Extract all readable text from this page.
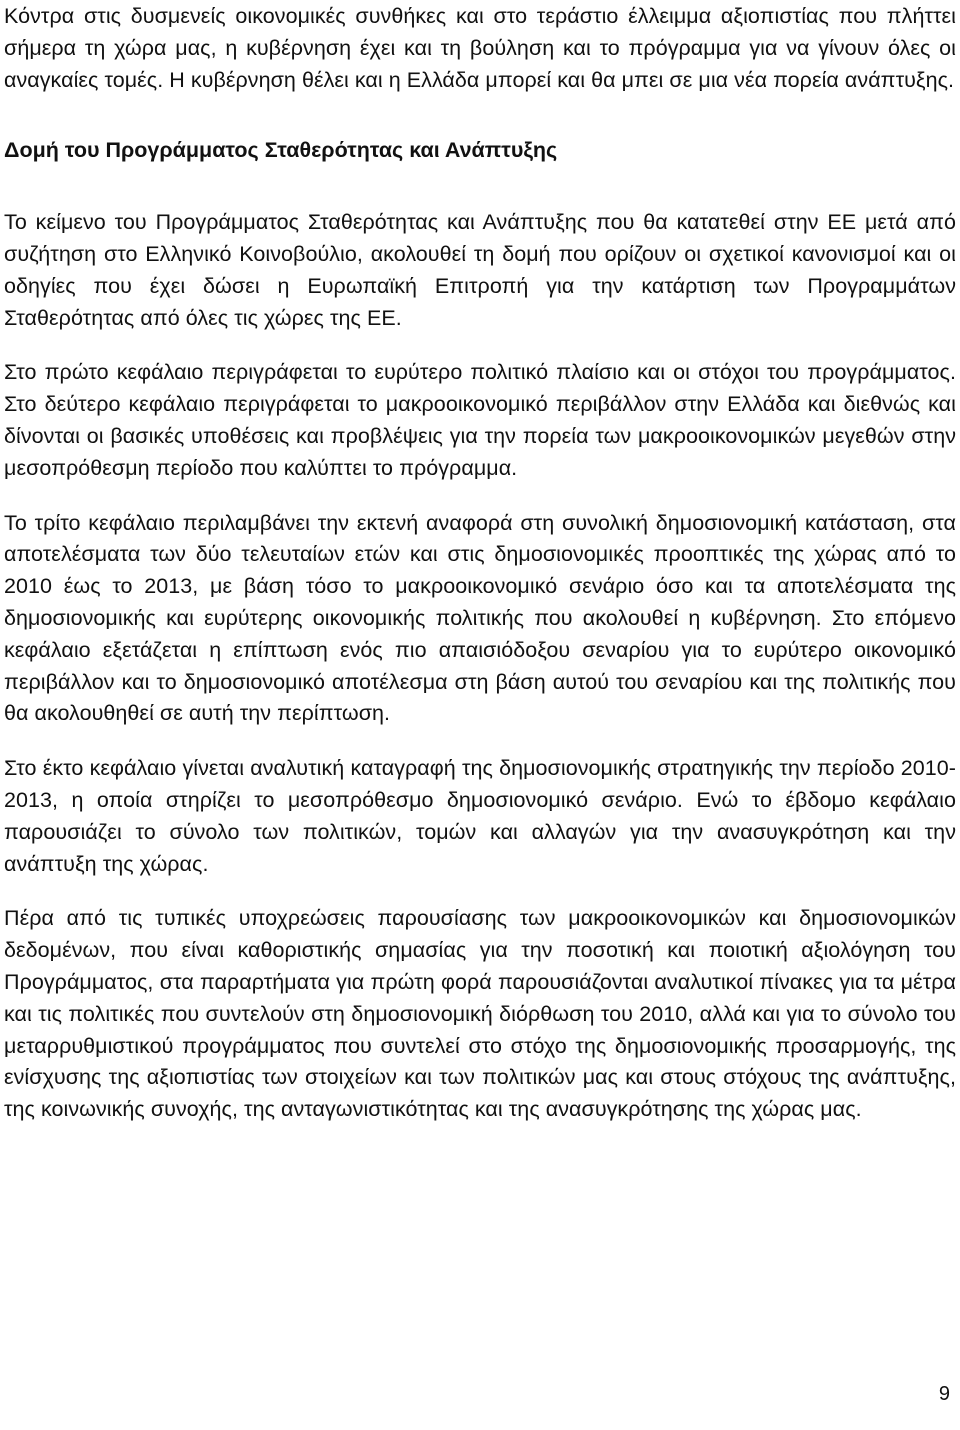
Κόντρα στις δυσμενείς οικονομικές συνθήκες και στο τεράστιο έλλειμμα αξιοπιστίας που πλήττει σήμερα τη χώρα μας, η κυβέρνηση έχει και τη βούληση και το πρόγραμμα για να γίνουν όλες οι αναγκαίες τομές. Η κυβέρνηση θέλει και η Ελλάδα μπορεί και θα μπει σε μια νέα πορεία ανάπτυξης.

Δομή του Προγράμματος Σταθερότητας και Ανάπτυξης

Το κείμενο του Προγράμματος Σταθερότητας και Ανάπτυξης που θα κατατεθεί στην ΕΕ μετά από συζήτηση στο Ελληνικό Κοινοβούλιο, ακολουθεί τη δομή που ορίζουν οι σχετικοί κανονισμοί και οι οδηγίες που έχει δώσει η Ευρωπαϊκή Επιτροπή για την κατάρτιση των Προγραμμάτων Σταθερότητας από όλες τις χώρες της ΕΕ.

Στο πρώτο κεφάλαιο περιγράφεται το ευρύτερο πολιτικό πλαίσιο και οι στόχοι του προγράμματος. Στο δεύτερο κεφάλαιο περιγράφεται το μακροοικονομικό περιβάλλον στην Ελλάδα και διεθνώς και δίνονται οι βασικές υποθέσεις και προβλέψεις για την πορεία των μακροοικονομικών μεγεθών στην μεσοπρόθεσμη περίοδο που καλύπτει το πρόγραμμα.

Το τρίτο κεφάλαιο περιλαμβάνει την εκτενή αναφορά στη συνολική δημοσιονομική κατάσταση, στα αποτελέσματα των δύο τελευταίων ετών και στις δημοσιονομικές προοπτικές της χώρας από το 2010 έως το 2013, με βάση τόσο το μακροοικονομικό σενάριο όσο και τα αποτελέσματα της δημοσιονομικής και ευρύτερης οικονομικής πολιτικής που ακολουθεί η κυβέρνηση. Στο επόμενο κεφάλαιο εξετάζεται η επίπτωση ενός πιο απαισιόδοξου σεναρίου για το ευρύτερο οικονομικό περιβάλλον και το δημοσιονομικό αποτέλεσμα στη βάση αυτού του σεναρίου και της πολιτικής που θα ακολουθηθεί σε αυτή την περίπτωση.

Στο έκτο κεφάλαιο γίνεται αναλυτική καταγραφή της δημοσιονομικής στρατηγικής την περίοδο 2010-2013, η οποία στηρίζει το μεσοπρόθεσμο δημοσιονομικό σενάριο. Ενώ το έβδομο κεφάλαιο παρουσιάζει το σύνολο των πολιτικών, τομών και αλλαγών για την ανασυγκρότηση και την ανάπτυξη της χώρας.

Πέρα από τις τυπικές υποχρεώσεις παρουσίασης των μακροοικονομικών και δημοσιονομικών δεδομένων, που είναι καθοριστικής σημασίας για την ποσοτική και ποιοτική αξιολόγηση του Προγράμματος, στα παραρτήματα για πρώτη φορά παρουσιάζονται αναλυτικοί πίνακες για τα μέτρα και τις πολιτικές που συντελούν στη δημοσιονομική διόρθωση του 2010, αλλά και για το σύνολο του μεταρρυθμιστικού προγράμματος που συντελεί στο στόχο της δημοσιονομικής προσαρμογής, της ενίσχυσης της αξιοπιστίας των στοιχείων και των πολιτικών μας και στους στόχους της ανάπτυξης, της κοινωνικής συνοχής, της ανταγωνιστικότητας και της ανασυγκρότησης της χώρας μας.

9
